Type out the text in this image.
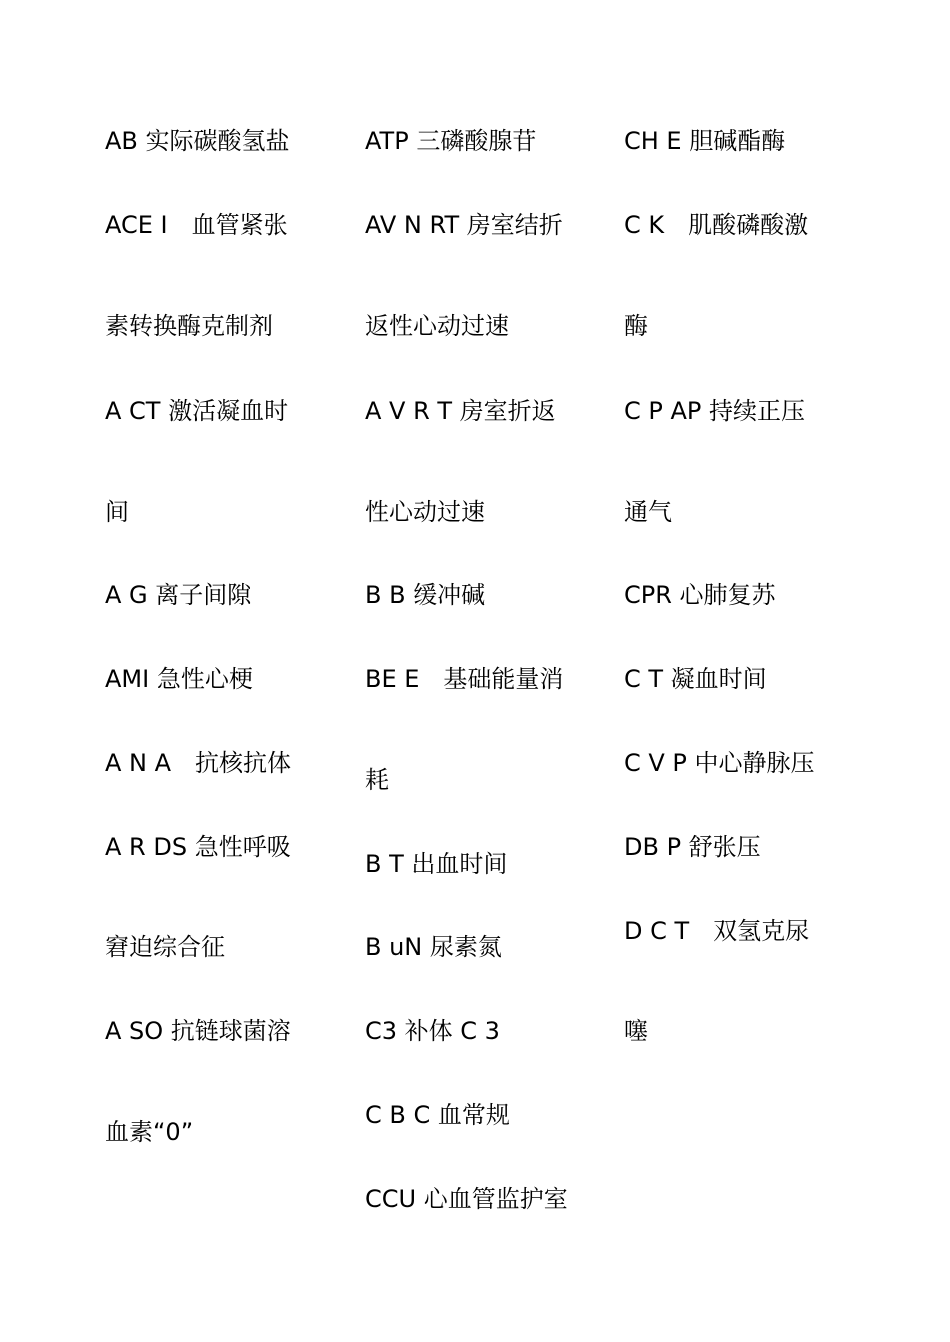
AB 实际碳酸氢盐
ACE Ⅰ　血管紧张
素转换酶克制剂
A CT 激活凝血时
间
A G 离子间隙
AMI 急性心梗
A N A　抗核抗体
A R DS 急性呼吸
窘迫综合征
A SO 抗链球菌溶
血素“0”
ATP 三磷酸腺苷
AV N RT 房室结折
返性心动过速
A V R T 房室折返
性心动过速
B B 缓冲碱
BE E　基础能量消
耗
B T 出血时间
B uN 尿素氮
C3 补体 C 3
C B C 血常规
CCU 心血管监护室
CH E 胆碱酯酶
C K　肌酸磷酸激
酶
C P AP 持续正压
通气
CPR 心肺复苏
C T 凝血时间
C V P 中心静脉压
DB P 舒张压
D C T　双氢克尿
噻
